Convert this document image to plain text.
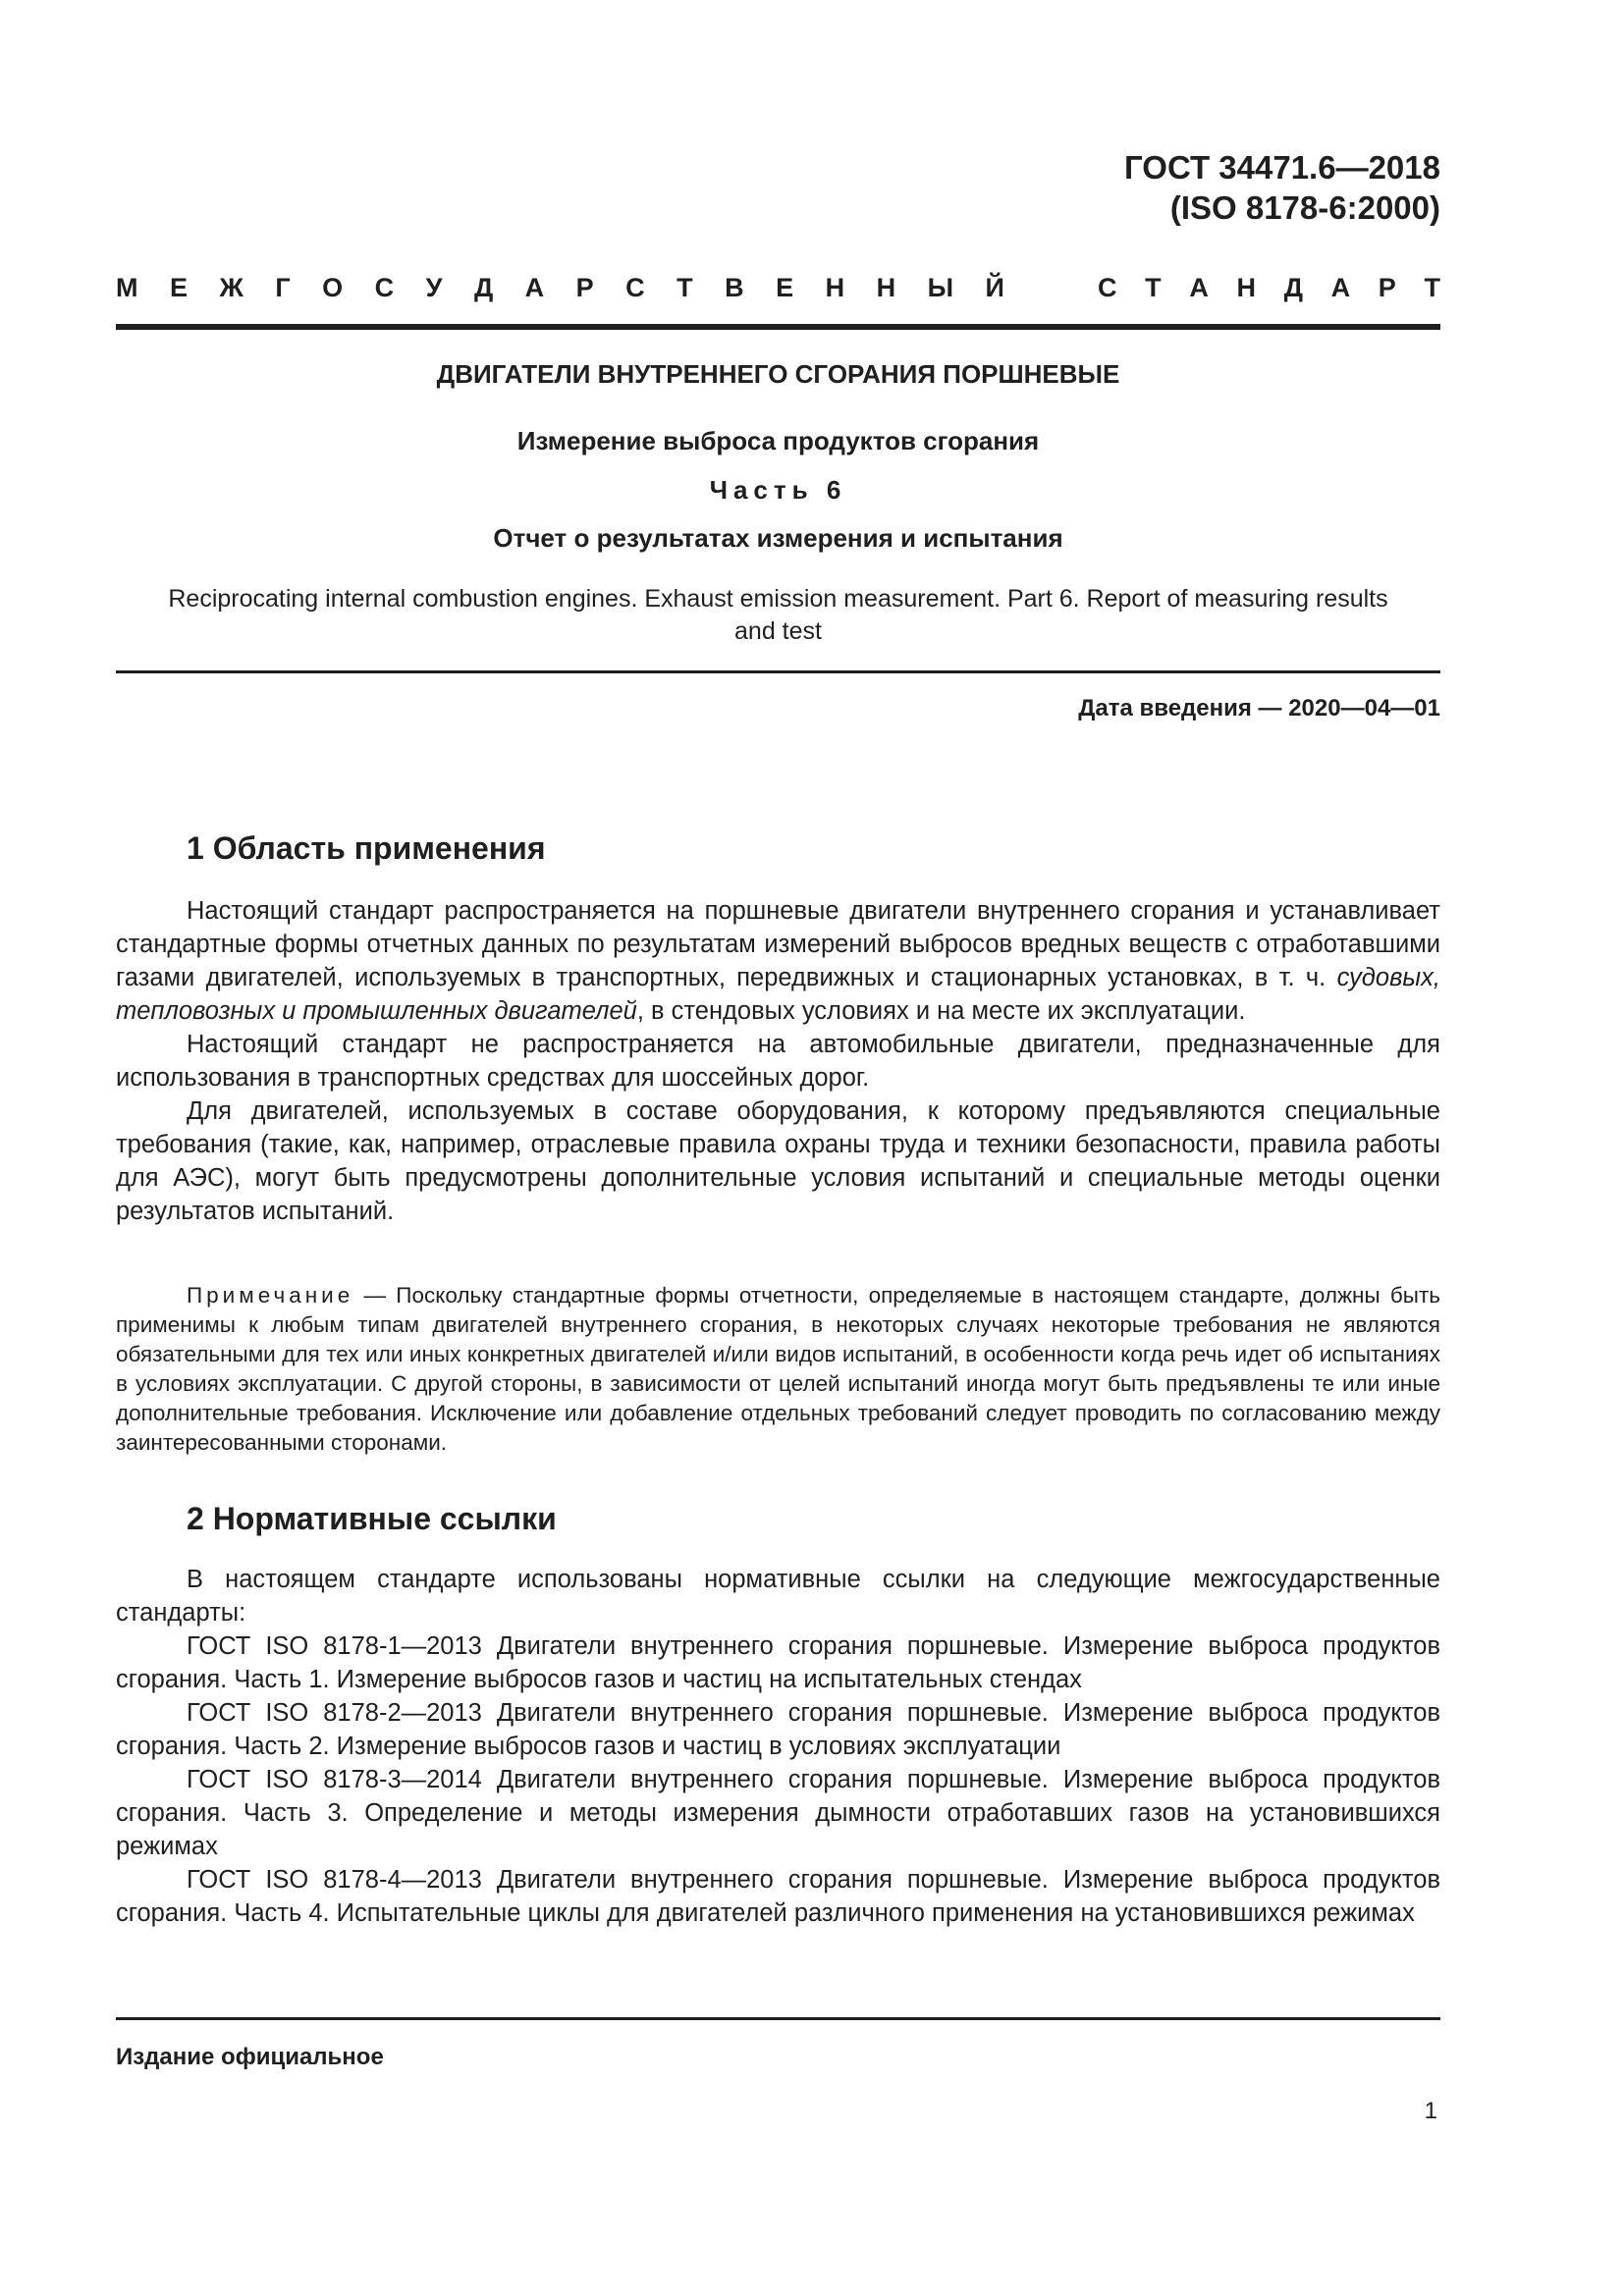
ГОСТ 34471.6—2018
(ISO 8178-6:2000)
М Е Ж Г О С У Д А Р С Т В Е Н Н Ы Й	С Т А Н Д А Р Т
ДВИГАТЕЛИ ВНУТРЕННЕГО СГОРАНИЯ ПОРШНЕВЫЕ
Измерение выброса продуктов сгорания
Часть 6
Отчет о результатах измерения и испытания
Reciprocating internal combustion engines. Exhaust emission measurement. Part 6. Report of measuring results and test
Дата введения — 2020—04—01
1 Область применения

Настоящий стандарт распространяется на поршневые двигатели внутреннего сгорания и устанавливает стандартные формы отчетных данных по результатам измерений выбросов вредных веществ с отработавшими газами двигателей, используемых в транспортных, передвижных и стационарных установках, в т. ч. судовых, тепловозных и промышленных двигателей, в стендовых условиях и на месте их эксплуатации.

Настоящий стандарт не распространяется на автомобильные двигатели, предназначенные для использования в транспортных средствах для шоссейных дорог.

Для двигателей, используемых в составе оборудования, к которому предъявляются специальные требования (такие, как, например, отраслевые правила охраны труда и техники безопасности, правила работы для АЭС), могут быть предусмотрены дополнительные условия испытаний и специальные методы оценки результатов испытаний.

Примечание — Поскольку стандартные формы отчетности, определяемые в настоящем стандарте, должны быть применимы к любым типам двигателей внутреннего сгорания, в некоторых случаях некоторые требования не являются обязательными для тех или иных конкретных двигателей и/или видов испытаний, в особенности когда речь идет об испытаниях в условиях эксплуатации. С другой стороны, в зависимости от целей испытаний иногда могут быть предъявлены те или иные дополнительные требования. Исключение или добавление отдельных требований следует проводить по согласованию между заинтересованными сторонами.

2 Нормативные ссылки

В настоящем стандарте использованы нормативные ссылки на следующие межгосударственные стандарты:

ГОСТ ISO 8178-1—2013 Двигатели внутреннего сгорания поршневые. Измерение выброса продуктов сгорания. Часть 1. Измерение выбросов газов и частиц на испытательных стендах

ГОСТ ISO 8178-2—2013 Двигатели внутреннего сгорания поршневые. Измерение выброса продуктов сгорания. Часть 2. Измерение выбросов газов и частиц в условиях эксплуатации

ГОСТ ISO 8178-3—2014 Двигатели внутреннего сгорания поршневые. Измерение выброса продуктов сгорания. Часть 3. Определение и методы измерения дымности отработавших газов на установившихся режимах

ГОСТ ISO 8178-4—2013 Двигатели внутреннего сгорания поршневые. Измерение выброса продуктов сгорания. Часть 4. Испытательные циклы для двигателей различного применения на установившихся режимах

Издание официальное
1
